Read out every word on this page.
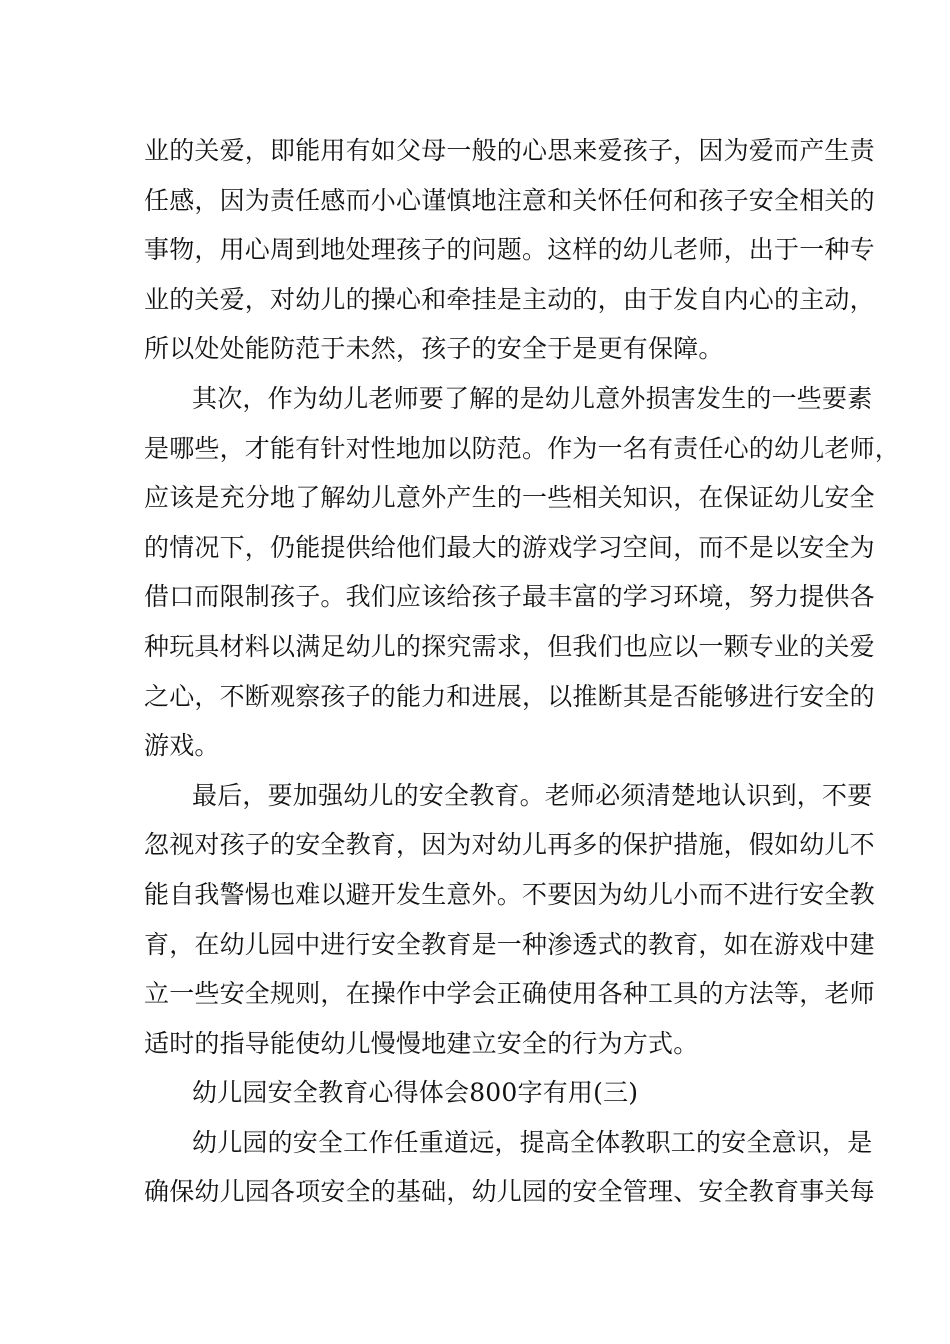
业的关爱，即能用有如父母一般的心思来爱孩子，因为爱而产生责
任感，因为责任感而小心谨慎地注意和关怀任何和孩子安全相关的
事物，用心周到地处理孩子的问题。这样的幼儿老师，出于一种专
业的关爱，对幼儿的操心和牵挂是主动的，由于发自内心的主动，
所以处处能防范于未然，孩子的安全于是更有保障。
其次，作为幼儿老师要了解的是幼儿意外损害发生的一些要素
是哪些，才能有针对性地加以防范。作为一名有责任心的幼儿老师，
应该是充分地了解幼儿意外产生的一些相关知识，在保证幼儿安全
的情况下，仍能提供给他们最大的游戏学习空间，而不是以安全为
借口而限制孩子。我们应该给孩子最丰富的学习环境，努力提供各
种玩具材料以满足幼儿的探究需求，但我们也应以一颗专业的关爱
之心，不断观察孩子的能力和进展，以推断其是否能够进行安全的
游戏。
最后，要加强幼儿的安全教育。老师必须清楚地认识到，不要
忽视对孩子的安全教育，因为对幼儿再多的保护措施，假如幼儿不
能自我警惕也难以避开发生意外。不要因为幼儿小而不进行安全教
育，在幼儿园中进行安全教育是一种渗透式的教育，如在游戏中建
立一些安全规则，在操作中学会正确使用各种工具的方法等，老师
适时的指导能使幼儿慢慢地建立安全的行为方式。
幼儿园安全教育心得体会800字有用(三)
幼儿园的安全工作任重道远，提高全体教职工的安全意识，是
确保幼儿园各项安全的基础，幼儿园的安全管理、安全教育事关每
